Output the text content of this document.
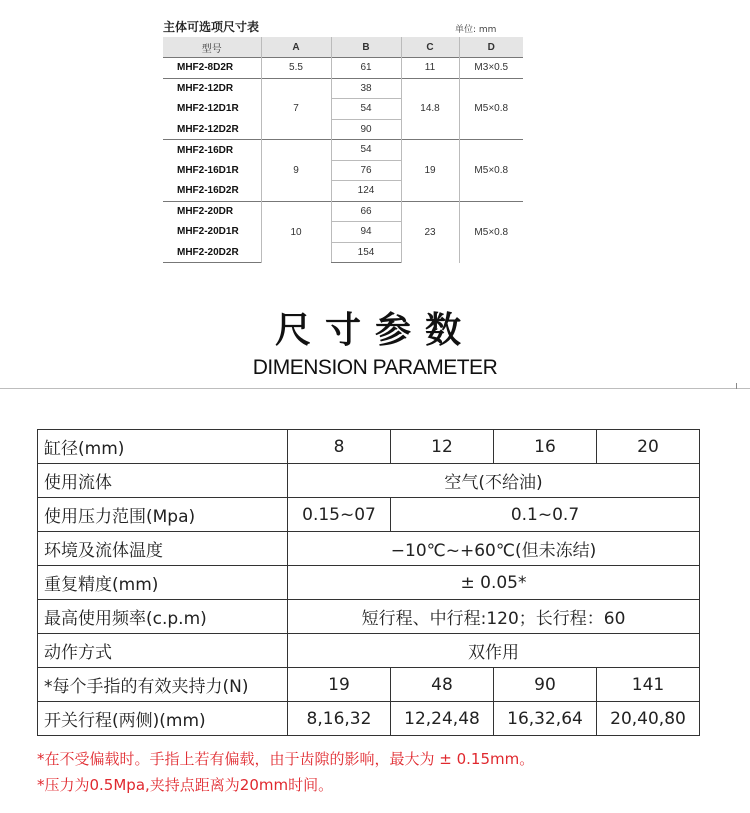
主体可选项尺寸表	单位: mm
型号	A	B	C	D
MHF2-8D2R	5.5	61	11	M3×0.5
MHF2-12DR	7	38	14.8	M5×0.8
MHF2-12D1R		54		
MHF2-12D2R		90		
MHF2-16DR	9	54	19	M5×0.8
MHF2-16D1R		76		
MHF2-16D2R		124		
MHF2-20DR	10	66	23	M5×0.8
MHF2-20D1R		94		
MHF2-20D2R		154		
尺寸参数
DIMENSION PARAMETER
缸径(mm)	8	12	16	20
使用流体	空气(不给油)			
使用压力范围(Mpa)	0.15~07	0.1~0.7		
环境及流体温度	−10℃~+60℃(但未冻结)			
重复精度(mm)	± 0.05*			
最高使用频率(c.p.m)	短行程、中行程:120；长行程：60			
动作方式	双作用			
*每个手指的有效夹持力(N)	19	48	90	141
开关行程(两侧)(mm)	8,16,32	12,24,48	16,32,64	20,40,80
*在不受偏载时。手指上若有偏载，由于齿隙的影响，最大为 ± 0.15mm。
*压力为0.5Mpa,夹持点距离为20mm时间。
